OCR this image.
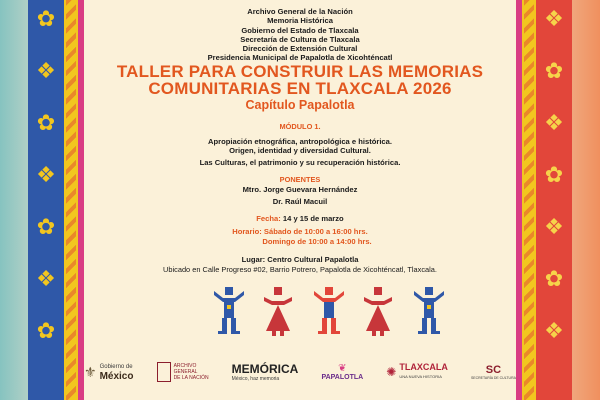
✿
❖
✿
❖
✿
❖
✿
❖
✿
❖
✿
❖
✿
❖
Archivo General de la Nación
Memoria Histórica
Gobierno del Estado de Tlaxcala
Secretaría de Cultura de Tlaxcala
Dirección de Extensión Cultural
Presidencia Municipal de Papalotla de Xicohténcatl
TALLER PARA CONSTRUIR LAS MEMORIAS
COMUNITARIAS EN TLAXCALA 2026
Capítulo Papalotla
MÓDULO 1.
Apropiación etnográfica, antropológica e histórica.
Origen, identidad y diversidad Cultural.
Las Culturas, el patrimonio y su recuperación histórica.
PONENTES
Mtro. Jorge Guevara Hernández
Dr. Raúl Macuil
Fecha: 14 y 15 de marzo
Horario: Sábado de 10:00 a 16:00 hrs.
Domingo de 10:00 a 14:00 hrs.
Lugar: Centro Cultural Papalotla
Ubicado en Calle Progreso #02, Barrio Potrero, Papalotla de Xicohténcatl, Tlaxcala.
⚜ Gobierno de
México
ARCHIVO
GENERAL
DE LA NACIÓN
MEMÓRICA
México, haz memoria
❦
PAPALOTLA ✺ TLAXCALA
UNA NUEVA HISTORIA
SC
SECRETARÍA DE CULTURA
